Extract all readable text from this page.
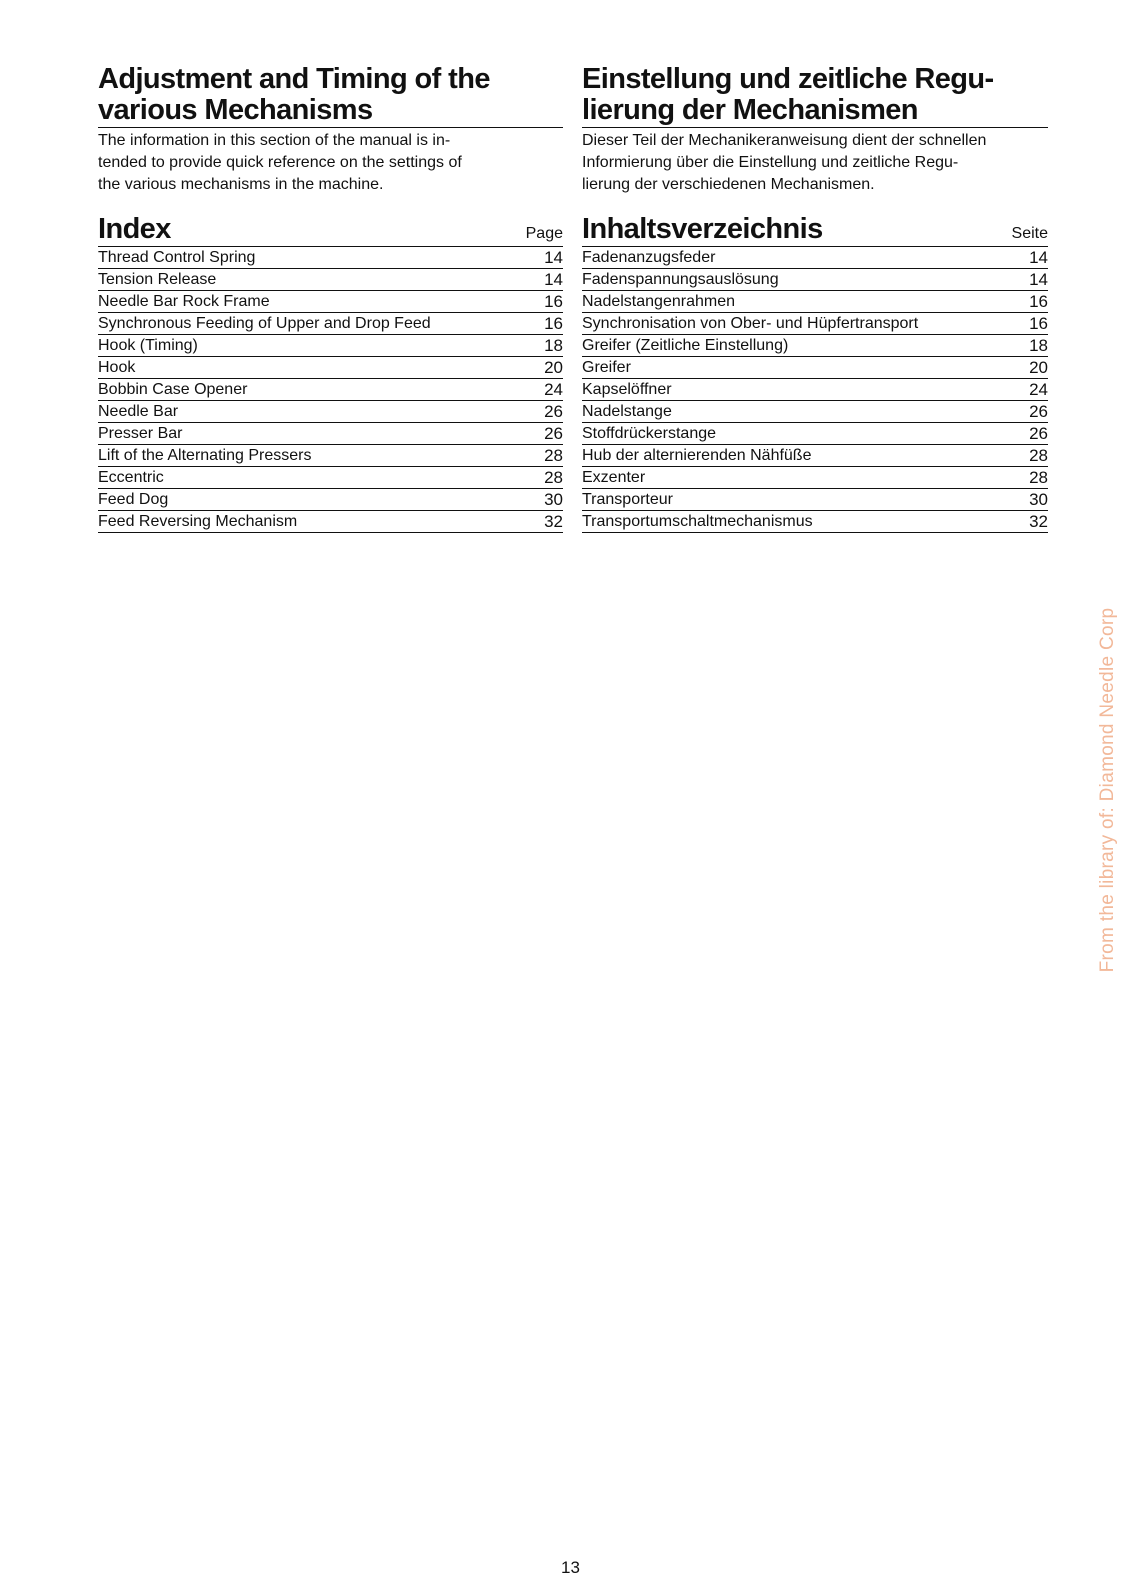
Adjustment and Timing of the
various Mechanisms

The information in this section of the manual is in-
tended to provide quick reference on the settings of
the various mechanisms in the machine.

Index	Page
Thread Control Spring	14
Tension Release	14
Needle Bar Rock Frame	16
Synchronous Feeding of Upper and Drop Feed	16
Hook (Timing)	18
Hook	20
Bobbin Case Opener	24
Needle Bar	26
Presser Bar	26
Lift of the Alternating Pressers	28
Eccentric	28
Feed Dog	30
Feed Reversing Mechanism	32
Einstellung und zeitliche Regu-
lierung der Mechanismen

Dieser Teil der Mechanikeranweisung dient der schnellen
Informierung über die Einstellung und zeitliche Regu-
lierung der verschiedenen Mechanismen.

Inhaltsverzeichnis	Seite
Fadenanzugsfeder	14
Fadenspannungsauslösung	14
Nadelstangenrahmen	16
Synchronisation von Ober- und Hüpfertransport	16
Greifer (Zeitliche Einstellung)	18
Greifer	20
Kapselöffner	24
Nadelstange	26
Stoffdrückerstange	26
Hub der alternierenden Nähfüße	28
Exzenter	28
Transporteur	30
Transportumschaltmechanismus	32
From the library of: Diamond Needle Corp
13
